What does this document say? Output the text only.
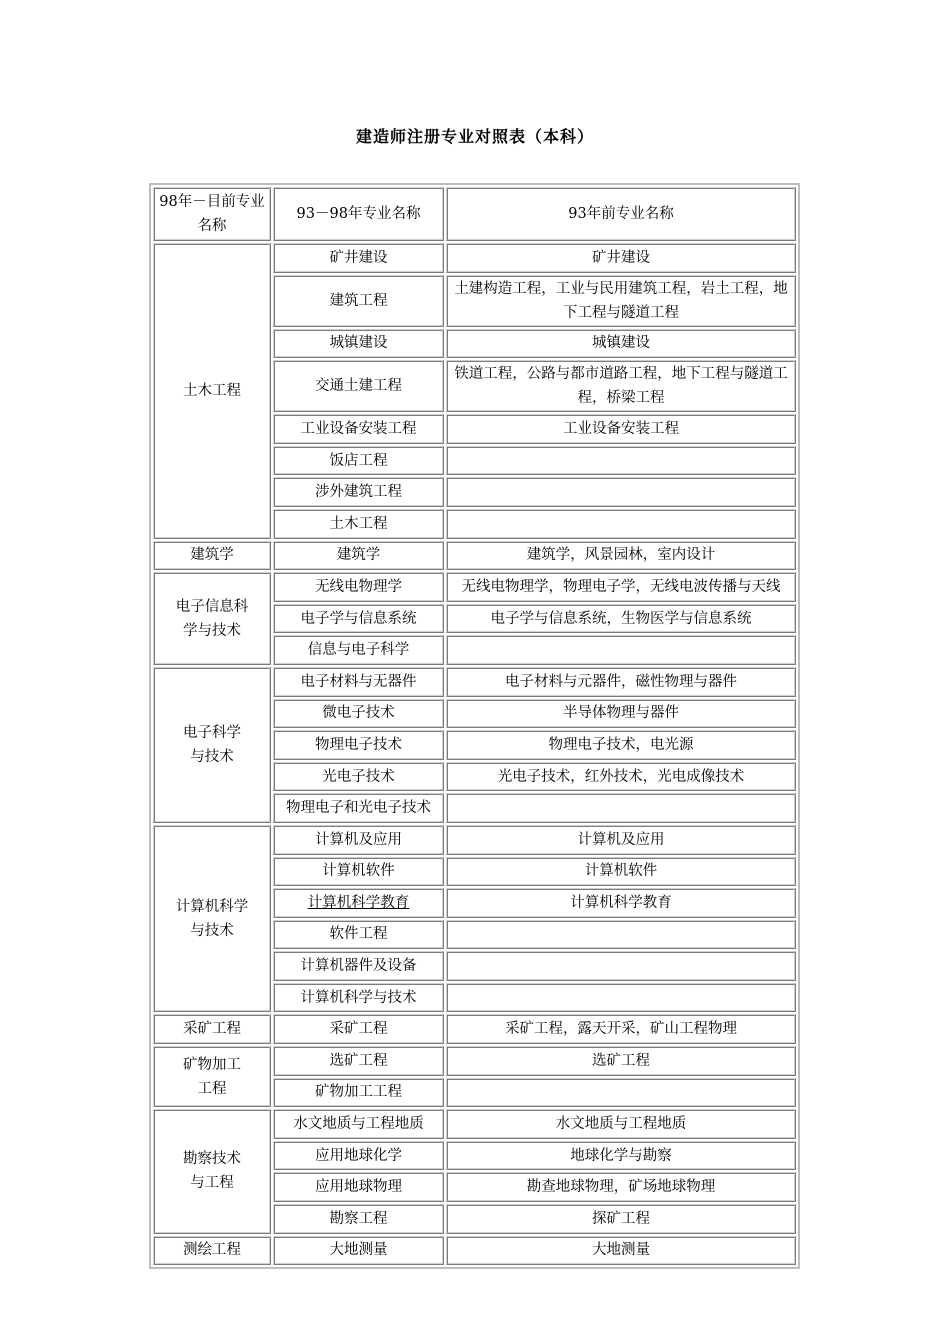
建造师注册专业对照表（本科）
98年－目前专业名称	93－98年专业名称	93年前专业名称
土木工程	矿井建设	矿井建设
	建筑工程	土建构造工程，工业与民用建筑工程，岩土工程，地下工程与隧道工程
	城镇建设	城镇建设
	交通土建工程	铁道工程，公路与都市道路工程，地下工程与隧道工程，桥梁工程
	工业设备安装工程	工业设备安装工程
	饭店工程	
	涉外建筑工程	
	土木工程	
建筑学	建筑学	建筑学，风景园林，室内设计

电子信息科学与技术	无线电物理学	无线电物理学，物理电子学，无线电波传播与天线
	电子学与信息系统	电子学与信息系统，生物医学与信息系统
	信息与电子科学	

电子科学与技术	电子材料与无器件	电子材料与元器件，磁性物理与器件
	微电子技术	半导体物理与器件
	物理电子技术	物理电子技术，电光源
	光电子技术	光电子技术，红外技术，光电成像技术
	物理电子和光电子技术	

计算机科学与技术	计算机及应用	计算机及应用
	计算机软件	计算机软件
	计算机科学教育	计算机科学教育
	软件工程	
	计算机器件及设备	
	计算机科学与技术	
采矿工程	采矿工程	采矿工程，露天开采，矿山工程物理

矿物加工工程	选矿工程	选矿工程
	矿物加工工程	

勘察技术与工程	水文地质与工程地质	水文地质与工程地质
	应用地球化学	地球化学与勘察
	应用地球物理	勘查地球物理，矿场地球物理
	勘察工程	探矿工程
测绘工程	大地测量	大地测量
